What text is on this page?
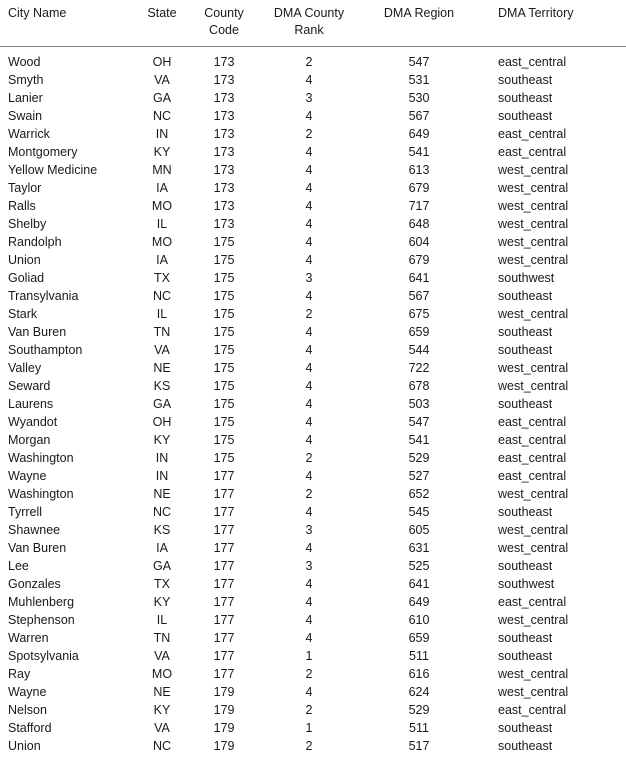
City Name	State	County Code	DMA County Rank	DMA Region	DMA Territory
Wood	OH	173	2	547	east_central
Smyth	VA	173	4	531	southeast
Lanier	GA	173	3	530	southeast
Swain	NC	173	4	567	southeast
Warrick	IN	173	2	649	east_central
Montgomery	KY	173	4	541	east_central
Yellow Medicine	MN	173	4	613	west_central
Taylor	IA	173	4	679	west_central
Ralls	MO	173	4	717	west_central
Shelby	IL	173	4	648	west_central
Randolph	MO	175	4	604	west_central
Union	IA	175	4	679	west_central
Goliad	TX	175	3	641	southwest
Transylvania	NC	175	4	567	southeast
Stark	IL	175	2	675	west_central
Van Buren	TN	175	4	659	southeast
Southampton	VA	175	4	544	southeast
Valley	NE	175	4	722	west_central
Seward	KS	175	4	678	west_central
Laurens	GA	175	4	503	southeast
Wyandot	OH	175	4	547	east_central
Morgan	KY	175	4	541	east_central
Washington	IN	175	2	529	east_central
Wayne	IN	177	4	527	east_central
Washington	NE	177	2	652	west_central
Tyrrell	NC	177	4	545	southeast
Shawnee	KS	177	3	605	west_central
Van Buren	IA	177	4	631	west_central
Lee	GA	177	3	525	southeast
Gonzales	TX	177	4	641	southwest
Muhlenberg	KY	177	4	649	east_central
Stephenson	IL	177	4	610	west_central
Warren	TN	177	4	659	southeast
Spotsylvania	VA	177	1	511	southeast
Ray	MO	177	2	616	west_central
Wayne	NE	179	4	624	west_central
Nelson	KY	179	2	529	east_central
Stafford	VA	179	1	511	southeast
Union	NC	179	2	517	southeast
